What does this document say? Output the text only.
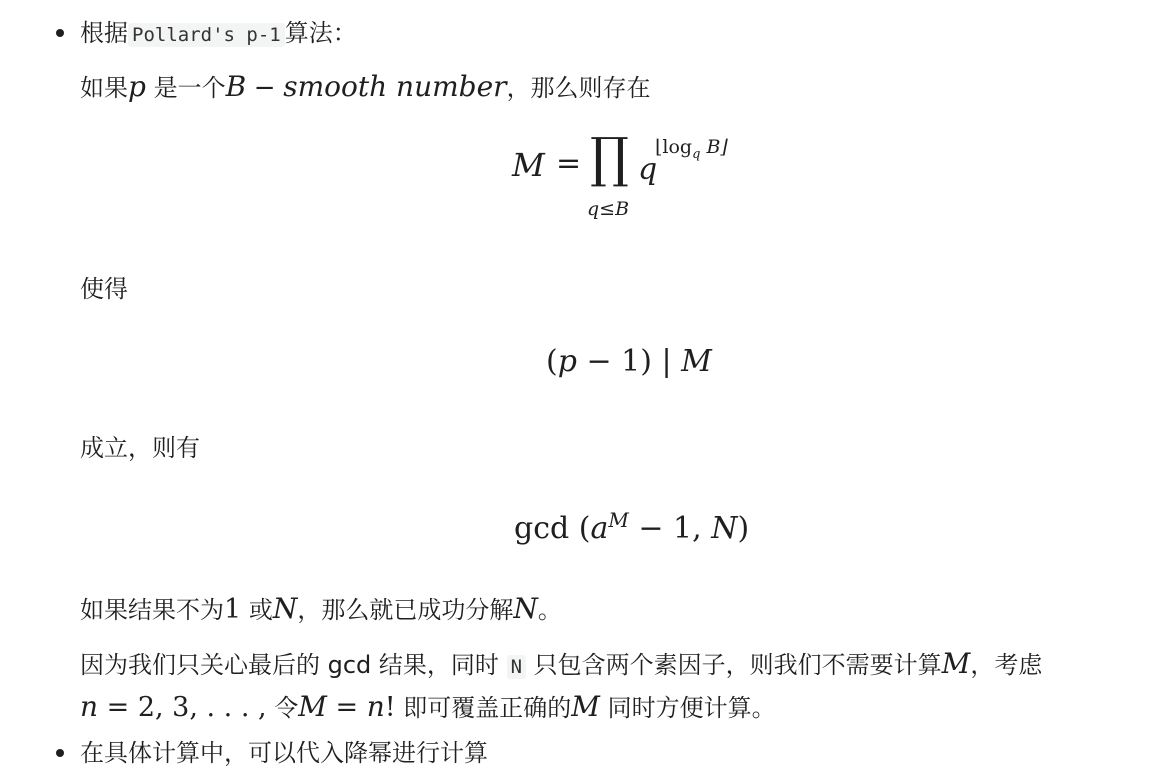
根据 Pollard's p-1 算法：
如果p 是一个B − smooth number，那么则存在
M = ∏
q≤B
q
$⌊\log_q$ B⌋
使得
(p − 1) | M
成立，则有
$\gcd (a^M - 1$, N)
如果结果不为1 或N，那么就已成功分解N。
因为我们只关心最后的 gcd 结果，同时 N 只包含两个素因子，则我们不需要计算M，考虑
n = 2, 3, . . . , 令M = n! 即可覆盖正确的M 同时方便计算。
在具体计算中，可以代入降幂进行计算
